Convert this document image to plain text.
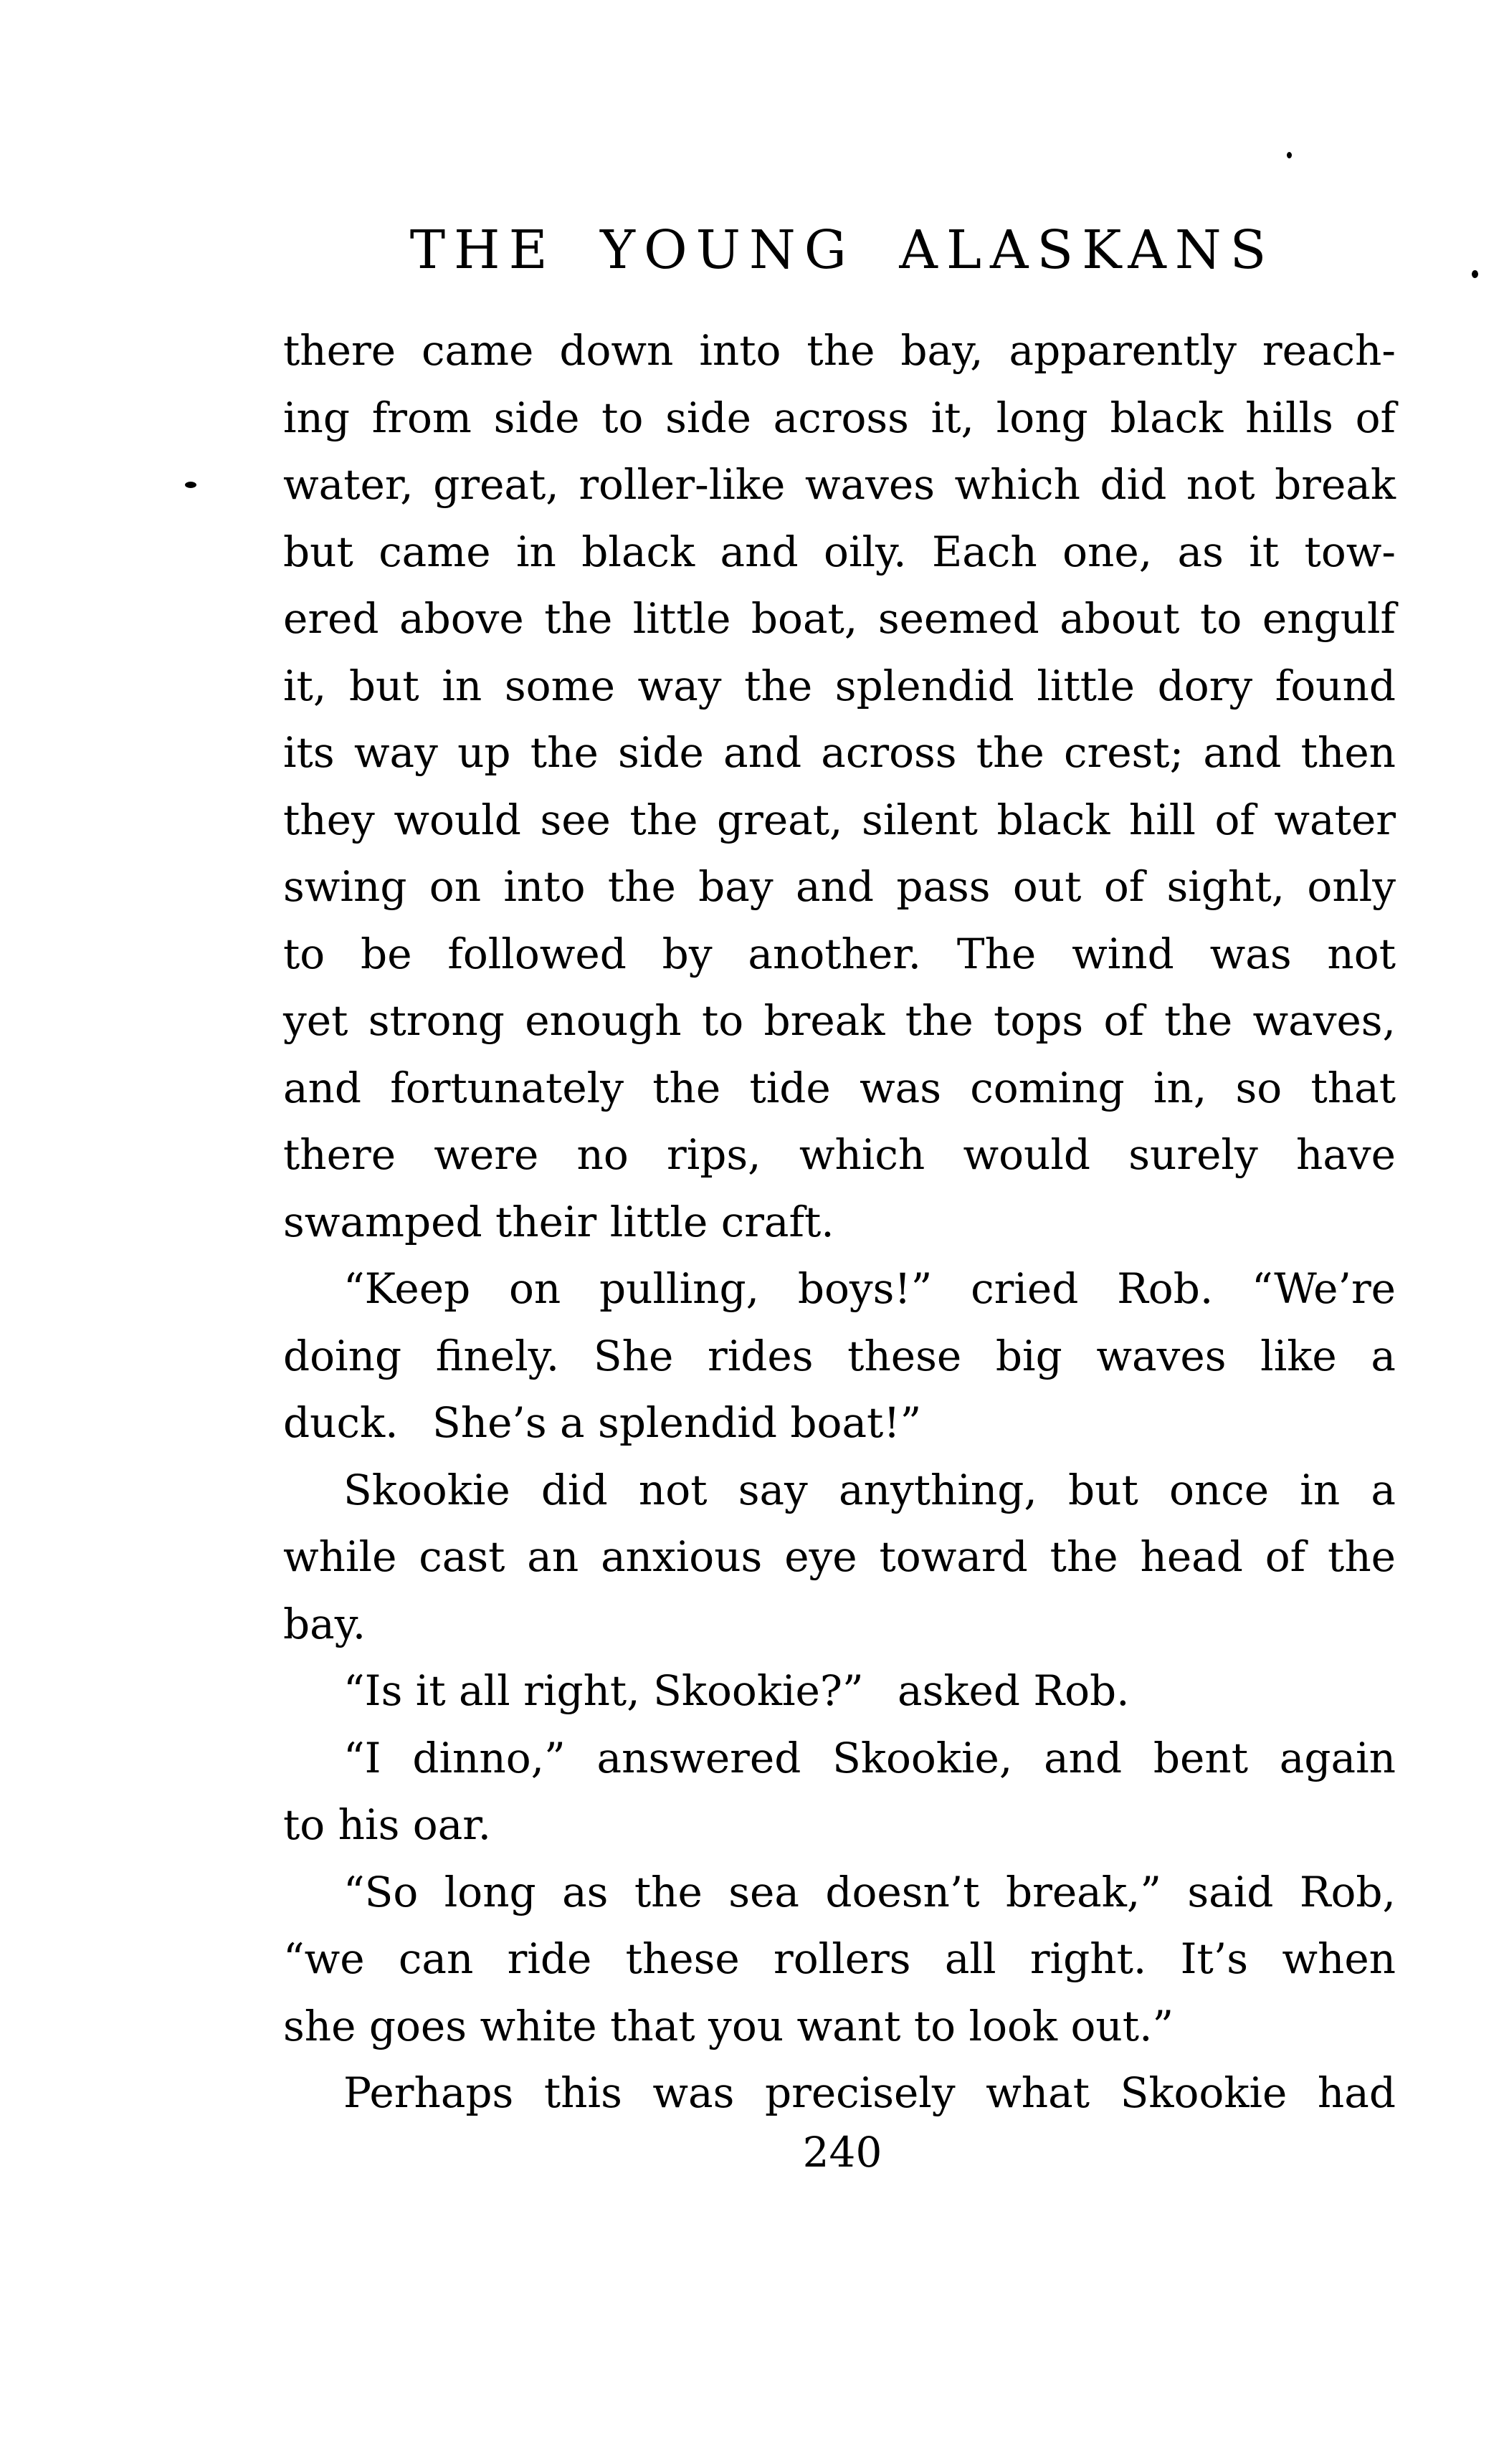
THE YOUNG ALASKANS
there came down into the bay, apparently reach-
ing from side to side across it, long black hills of
water, great, roller-like waves which did not break
but came in black and oily. Each one, as it tow-
ered above the little boat, seemed about to engulf
it, but in some way the splendid little dory found
its way up the side and across the crest; and then
they would see the great, silent black hill of water
swing on into the bay and pass out of sight, only
to be followed by another. The wind was not
yet strong enough to break the tops of the waves,
and fortunately the tide was coming in, so that
there were no rips, which would surely have
swamped their little craft.
“Keep on pulling, boys!” cried Rob. “We’re
doing finely. She rides these big waves like a
duck.  She’s a splendid boat!”
Skookie did not say anything, but once in a
while cast an anxious eye toward the head of the
bay.
“Is it all right, Skookie?”  asked Rob.
“I dinno,” answered Skookie, and bent again
to his oar.
“So long as the sea doesn’t break,” said Rob,
“we can ride these rollers all right. It’s when
she goes white that you want to look out.”
Perhaps this was precisely what Skookie had
240
